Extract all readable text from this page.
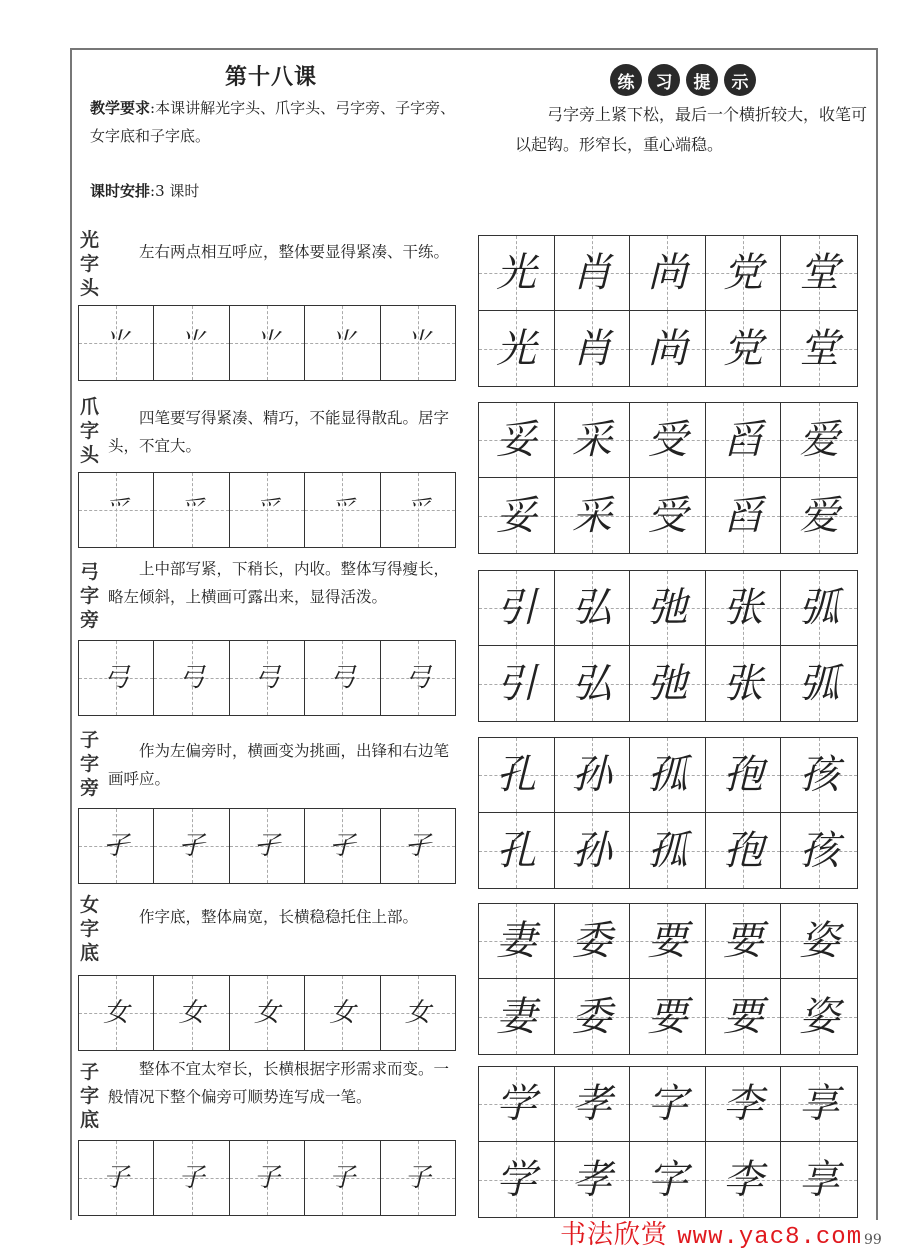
第十八课
教学要求:本课讲解光字头、爪字头、弓字旁、子字旁、女字底和子字底。
课时安排:3 课时
练	习	提	示
弓字旁上紧下松，最后一个横折较大，收笔可以起钩。形窄长，重心端稳。
光字头
左右两点相互呼应，整体要显得紧凑、干练。
⺌ ⺌ ⺌ ⺌ ⺌
光 肖 尚 党 堂
光 肖 尚 党 堂
爪字头
四笔要写得紧凑、精巧，不能显得散乱。居字头，不宜大。
爫 爫 爫 爫 爫
妥 采 受 舀 爱
妥 采 受 舀 爱
弓字旁
上中部写紧，下稍长，内收。整体写得瘦长，略左倾斜，上横画可露出来，显得活泼。
弓 弓 弓 弓 弓
引 弘 弛 张 弧
引 弘 弛 张 弧
子字旁
作为左偏旁时，横画变为挑画，出锋和右边笔画呼应。
孑 孑 孑 孑 孑
孔 孙 孤 孢 孩
孔 孙 孤 孢 孩
女字底
作字底，整体扁宽，长横稳稳托住上部。
女 女 女 女 女
妻 委 要 要 姿
妻 委 要 要 姿
子字底
整体不宜太窄长，长横根据字形需求而变。一般情况下整个偏旁可顺势连写成一笔。
子 子 子 子 子
学 孝 字 李 享
学 孝 字 李 享
书法欣赏 www.yac8.com 99
